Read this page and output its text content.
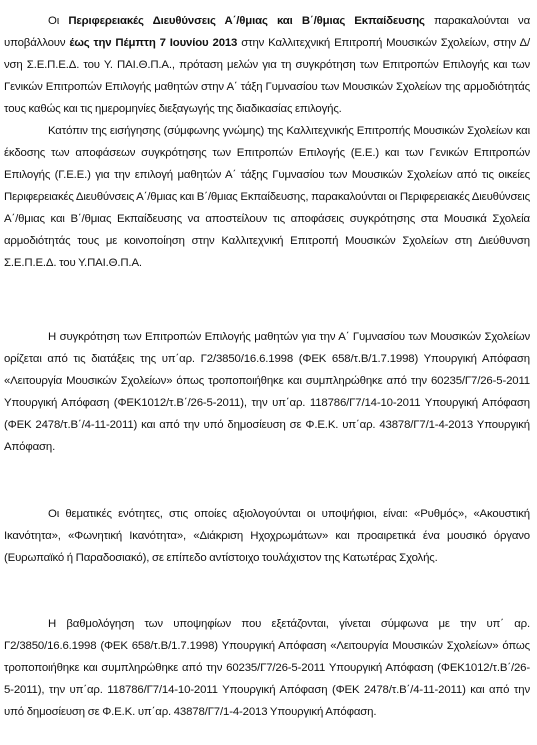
Οι Περιφερειακές Διευθύνσεις Α΄/θμιας και Β΄/θμιας Εκπαίδευσης παρακαλούνται να υποβάλλουν έως την Πέμπτη 7 Ιουνίου 2013 στην Καλλιτεχνική Επιτροπή Μουσικών Σχολείων, στην Δ/νση Σ.Ε.Π.Ε.Δ. του Υ. ΠΑΙ.Θ.Π.Α., πρόταση μελών για τη συγκρότηση των Επιτροπών Επιλογής και των Γενικών Επιτροπών Επιλογής μαθητών στην Α΄ τάξη Γυμνασίου των Μουσικών Σχολείων της αρμοδιότητάς τους καθώς και τις ημερομηνίες διεξαγωγής της διαδικασίας επιλογής.

Κατόπιν της εισήγησης (σύμφωνης γνώμης) της Καλλιτεχνικής Επιτροπής Μουσικών Σχολείων και έκδοσης των αποφάσεων συγκρότησης των Επιτροπών Επιλογής (Ε.Ε.) και των Γενικών Επιτροπών Επιλογής (Γ.Ε.Ε.) για την επιλογή μαθητών Α΄ τάξης Γυμνασίου των Μουσικών Σχολείων από τις οικείες Περιφερειακές Διευθύνσεις Α΄/θμιας και Β΄/θμιας Εκπαίδευσης, παρακαλούνται οι Περιφερειακές Διευθύνσεις Α΄/θμιας και Β΄/θμιας Εκπαίδευσης να αποστείλουν τις αποφάσεις συγκρότησης στα Μουσικά Σχολεία αρμοδιότητάς τους με κοινοποίηση στην Καλλιτεχνική Επιτροπή Μουσικών Σχολείων στη Διεύθυνση Σ.Ε.Π.Ε.Δ. του Υ.ΠΑΙ.Θ.Π.Α.

Η συγκρότηση των Επιτροπών Επιλογής μαθητών για την Α΄ Γυμνασίου των Μουσικών Σχολείων ορίζεται από τις διατάξεις της υπ΄αρ. Γ2/3850/16.6.1998 (ΦΕΚ 658/τ.Β/1.7.1998) Υπουργική Απόφαση «Λειτουργία Μουσικών Σχολείων» όπως τροποποιήθηκε και συμπληρώθηκε από την 60235/Γ7/26-5-2011 Υπουργική Απόφαση (ΦΕΚ1012/τ.Β΄/26-5-2011), την υπ΄αρ. 118786/Γ7/14-10-2011 Υπουργική Απόφαση (ΦΕΚ 2478/τ.Β΄/4-11-2011) και από την υπό δημοσίευση σε Φ.Ε.Κ. υπ΄αρ. 43878/Γ7/1-4-2013 Υπουργική Απόφαση.

Οι θεματικές ενότητες, στις οποίες αξιολογούνται οι υποψήφιοι, είναι: «Ρυθμός», «Ακουστική Ικανότητα», «Φωνητική Ικανότητα», «Διάκριση Ηχοχρωμάτων» και προαιρετικά ένα μουσικό όργανο (Ευρωπαϊκό ή Παραδοσιακό), σε επίπεδο αντίστοιχο τουλάχιστον της Κατωτέρας Σχολής.

Η βαθμολόγηση των υποψηφίων που εξετάζονται, γίνεται σύμφωνα με την υπ΄ αρ. Γ2/3850/16.6.1998 (ΦΕΚ 658/τ.Β/1.7.1998) Υπουργική Απόφαση «Λειτουργία Μουσικών Σχολείων» όπως τροποποιήθηκε και συμπληρώθηκε από την 60235/Γ7/26-5-2011 Υπουργική Απόφαση (ΦΕΚ1012/τ.Β΄/26-5-2011), την υπ΄αρ. 118786/Γ7/14-10-2011 Υπουργική Απόφαση (ΦΕΚ 2478/τ.Β΄/4-11-2011) και από την υπό δημοσίευση σε Φ.Ε.Κ. υπ΄αρ. 43878/Γ7/1-4-2013 Υπουργική Απόφαση.
